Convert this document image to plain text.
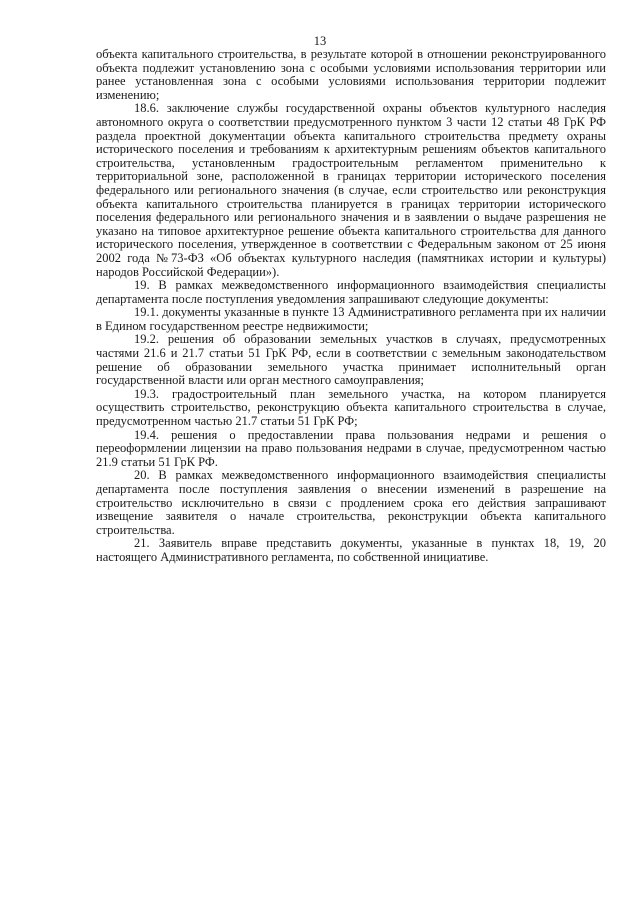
13

объекта капитального строительства, в результате которой в отношении реконструированного объекта подлежит установлению зона с особыми условиями использования территории или ранее установленная зона с особыми условиями использования территории подлежит изменению;

18.6. заключение службы государственной охраны объектов культурного наследия автономного округа о соответствии предусмотренного пунктом 3 части 12 статьи 48 ГрК РФ раздела проектной документации объекта капитального строительства предмету охраны исторического поселения и требованиям к архитектурным решениям объектов капитального строительства, установленным градостроительным регламентом применительно к территориальной зоне, расположенной в границах территории исторического поселения федерального или регионального значения (в случае, если строительство или реконструкция объекта капитального строительства планируется в границах территории исторического поселения федерального или регионального значения и в заявлении о выдаче разрешения не указано на типовое архитектурное решение объекта капитального строительства для данного исторического поселения, утвержденное в соответствии с Федеральным законом от 25 июня 2002 года №73-ФЗ «Об объектах культурного наследия (памятниках истории и культуры) народов Российской Федерации»).

19. В рамках межведомственного информационного взаимодействия специалисты департамента после поступления уведомления запрашивают следующие документы:

19.1. документы указанные в пункте 13 Административного регламента при их наличии в Едином государственном реестре недвижимости;

19.2. решения об образовании земельных участков в случаях, предусмотренных частями 21.6 и 21.7 статьи 51 ГрК РФ, если в соответствии с земельным законодательством решение об образовании земельного участка принимает исполнительный орган государственной власти или орган местного самоуправления;

19.3. градостроительный план земельного участка, на котором планируется осуществить строительство, реконструкцию объекта капитального строительства в случае, предусмотренном частью 21.7 статьи 51 ГрК РФ;

19.4. решения о предоставлении права пользования недрами и решения о переоформлении лицензии на право пользования недрами в случае, предусмотренном частью 21.9 статьи 51 ГрК РФ.

20. В рамках межведомственного информационного взаимодействия специалисты департамента после поступления заявления о внесении изменений в разрешение на строительство исключительно в связи с продлением срока его действия запрашивают извещение заявителя о начале строительства, реконструкции объекта капитального строительства.

21. Заявитель вправе представить документы, указанные в пунктах 18, 19, 20 настоящего Административного регламента, по собственной инициативе.
